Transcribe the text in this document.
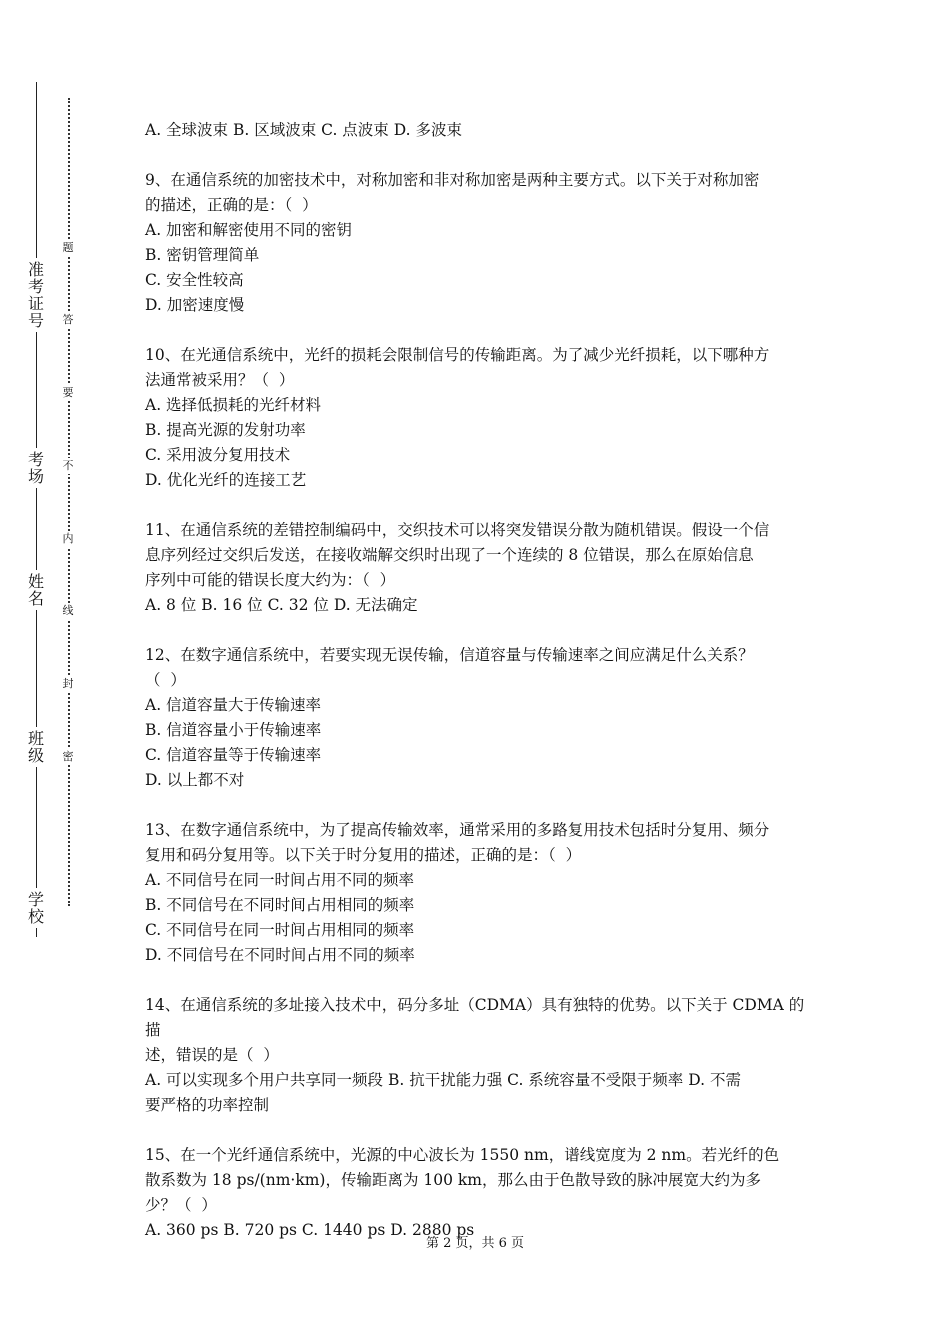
准考证号
考场
姓名
班级
学校
题
答
要
不
内
线
封
密
A. 全球波束 B. 区域波束 C. 点波束 D. 多波束
9、在通信系统的加密技术中，对称加密和非对称加密是两种主要方式。以下关于对称加密
的描述，正确的是：（  ）
A. 加密和解密使用不同的密钥
B. 密钥管理简单
C. 安全性较高
D. 加密速度慢
10、在光通信系统中，光纤的损耗会限制信号的传输距离。为了减少光纤损耗，以下哪种方
法通常被采用？（  ）
A. 选择低损耗的光纤材料
B. 提高光源的发射功率
C. 采用波分复用技术
D. 优化光纤的连接工艺
11、在通信系统的差错控制编码中，交织技术可以将突发错误分散为随机错误。假设一个信
息序列经过交织后发送，在接收端解交织时出现了一个连续的 8 位错误，那么在原始信息
序列中可能的错误长度大约为：（  ）
A. 8 位 B. 16 位 C. 32 位 D. 无法确定
12、在数字通信系统中，若要实现无误传输，信道容量与传输速率之间应满足什么关系？
（  ）
A. 信道容量大于传输速率
B. 信道容量小于传输速率
C. 信道容量等于传输速率
D. 以上都不对
13、在数字通信系统中，为了提高传输效率，通常采用的多路复用技术包括时分复用、频分
复用和码分复用等。以下关于时分复用的描述，正确的是：（  ）
A. 不同信号在同一时间占用不同的频率
B. 不同信号在不同时间占用相同的频率
C. 不同信号在同一时间占用相同的频率
D. 不同信号在不同时间占用不同的频率
14、在通信系统的多址接入技术中，码分多址（CDMA）具有独特的优势。以下关于 CDMA 的描
述，错误的是（  ）
A. 可以实现多个用户共享同一频段 B. 抗干扰能力强 C. 系统容量不受限于频率 D. 不需
要严格的功率控制
15、在一个光纤通信系统中，光源的中心波长为 1550 nm，谱线宽度为 2 nm。若光纤的色
散系数为 18 ps/(nm·km)，传输距离为 100 km，那么由于色散导致的脉冲展宽大约为多
少？（  ）
A. 360 ps B. 720 ps C. 1440 ps D. 2880 ps
第 2 页，共 6 页
